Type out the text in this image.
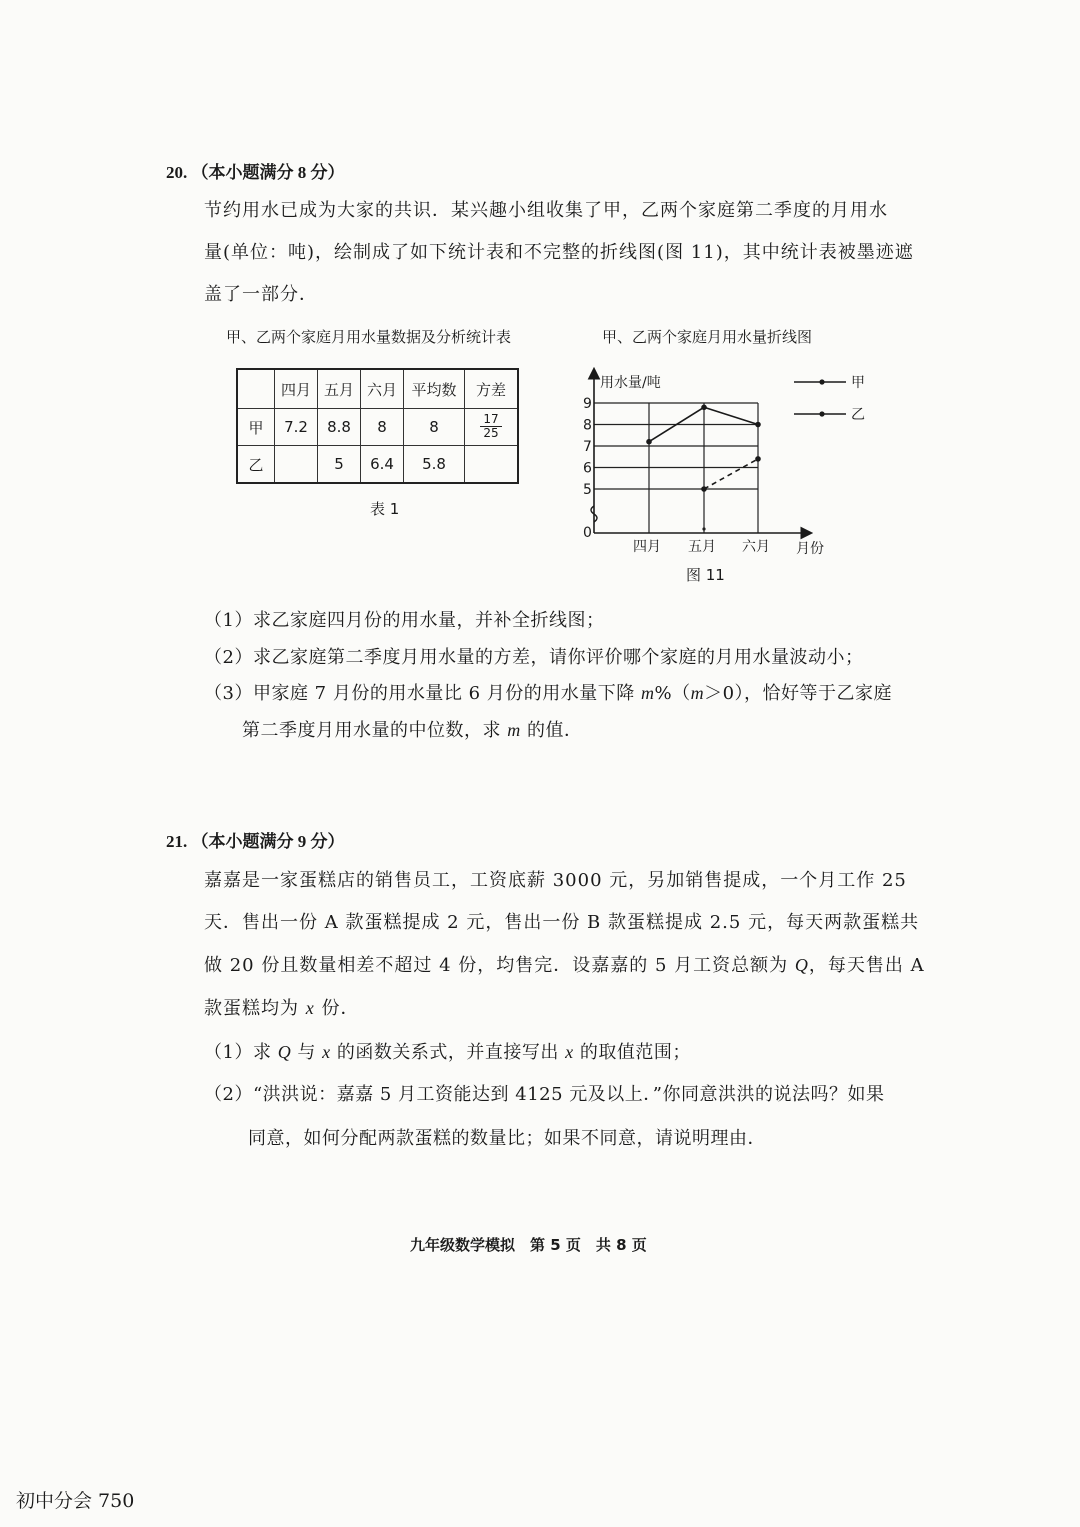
20. （本小题满分 8 分）
节约用水已成为大家的共识．某兴趣小组收集了甲，乙两个家庭第二季度的月用水
量(单位：吨)，绘制成了如下统计表和不完整的折线图(图 11)，其中统计表被墨迹遮
盖了一部分．
甲、乙两个家庭月用水量数据及分析统计表	甲、乙两个家庭月用水量折线图
	四月	五月	六月	平均数	方差
甲	7.2	8.8	8	8	$\frac{17}{25}$

乙		5	6.4	5.8	
表 1
用水量/吨
月份
0
5
6
7
8
9
四月 五月 六月
甲
乙
图 11
（1）求乙家庭四月份的用水量，并补全折线图；
（2）求乙家庭第二季度月用水量的方差，请你评价哪个家庭的月用水量波动小；
（3）甲家庭 7 月份的用水量比 6 月份的用水量下降 m%（m＞0），恰好等于乙家庭
第二季度月用水量的中位数，求 m 的值．
21. （本小题满分 9 分）
嘉嘉是一家蛋糕店的销售员工，工资底薪 3000 元，另加销售提成，一个月工作 25
天．售出一份 A 款蛋糕提成 2 元，售出一份 B 款蛋糕提成 2.5 元，每天两款蛋糕共
做 20 份且数量相差不超过 4 份，均售完．设嘉嘉的 5 月工资总额为 Q，每天售出 A
款蛋糕均为 x 份．
（1）求 Q 与 x 的函数关系式，并直接写出 x 的取值范围；
（2）“洪洪说：嘉嘉 5 月工资能达到 4125 元及以上．”你同意洪洪的说法吗？如果
同意，如何分配两款蛋糕的数量比；如果不同意，请说明理由．
九年级数学模拟　第 5 页　共 8 页
初中分会 750
